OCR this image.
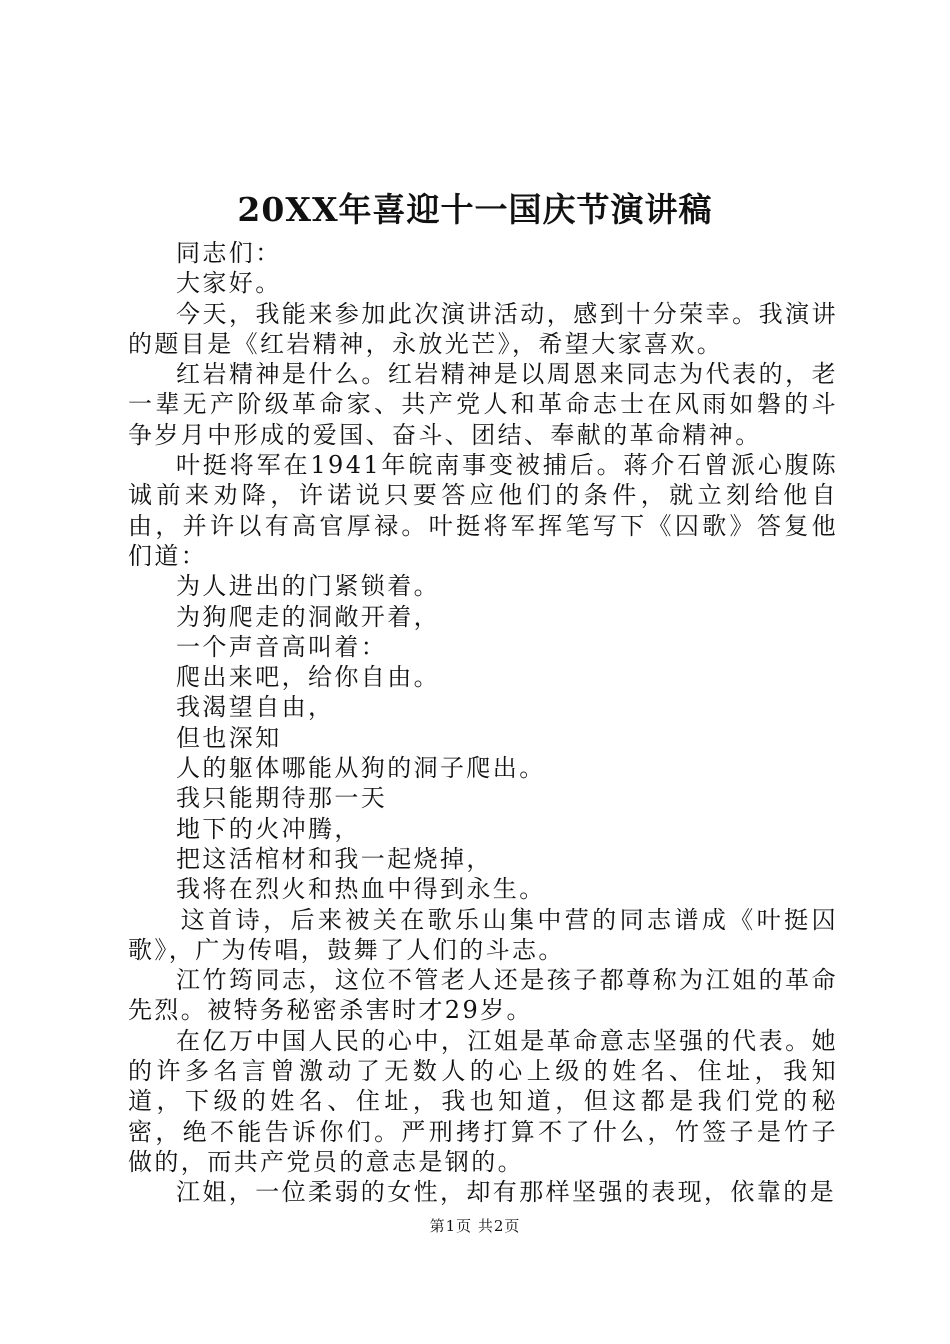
20XX年喜迎十一国庆节演讲稿

同志们：

大家好。

今天，我能来参加此次演讲活动，感到十分荣幸。我演讲的题目是《红岩精神，永放光芒》，希望大家喜欢。

红岩精神是什么。红岩精神是以周恩来同志为代表的，老一辈无产阶级革命家、共产党人和革命志士在风雨如磐的斗争岁月中形成的爱国、奋斗、团结、奉献的革命精神。

叶挺将军在1941年皖南事变被捕后。蒋介石曾派心腹陈诚前来劝降，许诺说只要答应他们的条件，就立刻给他自由，并许以有高官厚禄。叶挺将军挥笔写下《囚歌》答复他们道：

为人进出的门紧锁着。

为狗爬走的洞敞开着，

一个声音高叫着：

爬出来吧，给你自由。

我渴望自由，

但也深知

人的躯体哪能从狗的洞子爬出。

我只能期待那一天

地下的火冲腾，

把这活棺材和我一起烧掉，

我将在烈火和热血中得到永生。

这首诗，后来被关在歌乐山集中营的同志谱成《叶挺囚歌》，广为传唱，鼓舞了人们的斗志。

江竹筠同志，这位不管老人还是孩子都尊称为江姐的革命先烈。被特务秘密杀害时才29岁。

在亿万中国人民的心中，江姐是革命意志坚强的代表。她的许多名言曾激动了无数人的心上级的姓名、住址，我知道，下级的姓名、住址，我也知道，但这都是我们党的秘密，绝不能告诉你们。严刑拷打算不了什么，竹签子是竹子做的，而共产党员的意志是钢的。

江姐，一位柔弱的女性，却有那样坚强的表现，依靠的是

第1页 共2页
